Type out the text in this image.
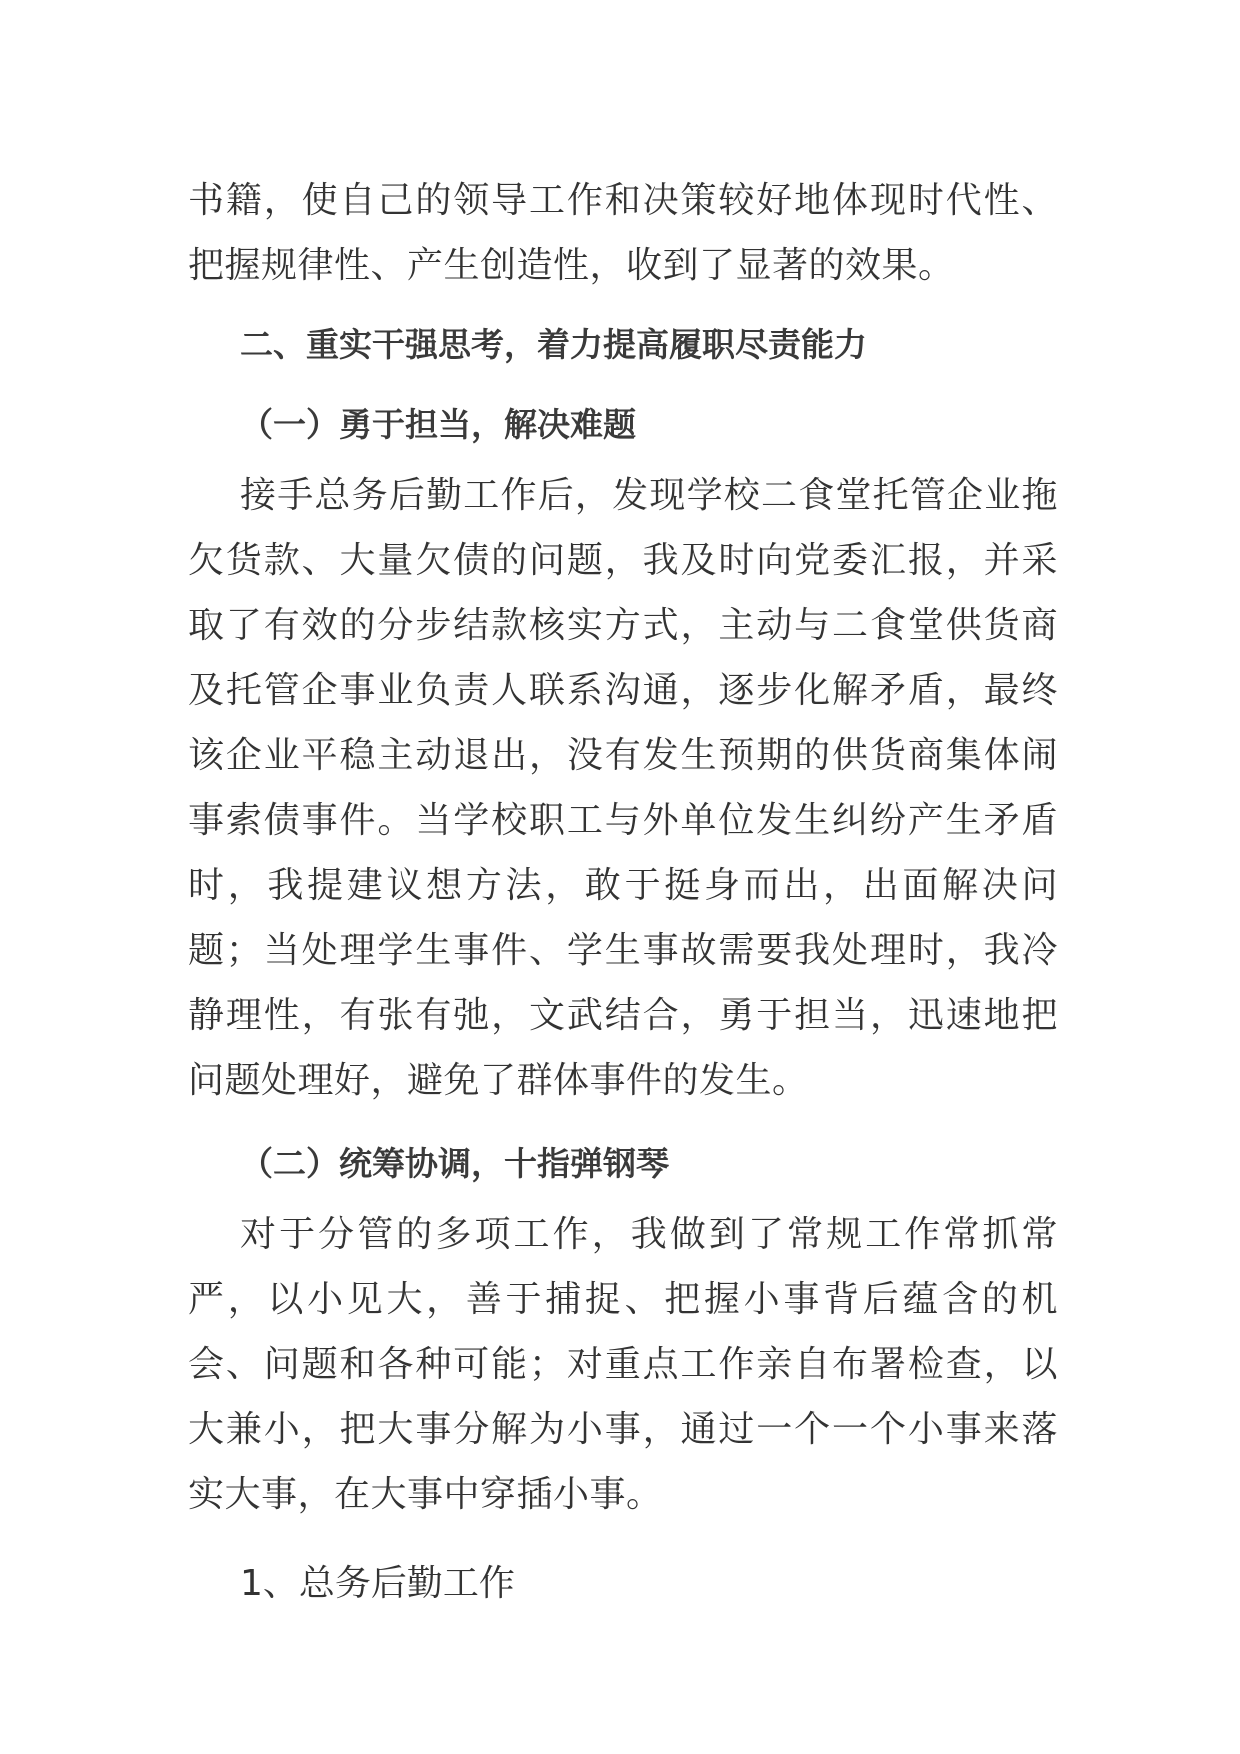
书籍，使自己的领导工作和决策较好地体现时代性、把握规律性、产生创造性，收到了显著的效果。

二、重实干强思考，着力提高履职尽责能力
（一）勇于担当，解决难题

接手总务后勤工作后，发现学校二食堂托管企业拖欠货款、大量欠债的问题，我及时向党委汇报，并采取了有效的分步结款核实方式，主动与二食堂供货商及托管企事业负责人联系沟通，逐步化解矛盾，最终该企业平稳主动退出，没有发生预期的供货商集体闹事索债事件。当学校职工与外单位发生纠纷产生矛盾时，我提建议想方法，敢于挺身而出，出面解决问题；当处理学生事件、学生事故需要我处理时，我冷静理性，有张有弛，文武结合，勇于担当，迅速地把问题处理好，避免了群体事件的发生。

（二）统筹协调，十指弹钢琴

对于分管的多项工作，我做到了常规工作常抓常严，以小见大，善于捕捉、把握小事背后蕴含的机会、问题和各种可能；对重点工作亲自布署检查，以大兼小，把大事分解为小事，通过一个一个小事来落实大事，在大事中穿插小事。

1、总务后勤工作
